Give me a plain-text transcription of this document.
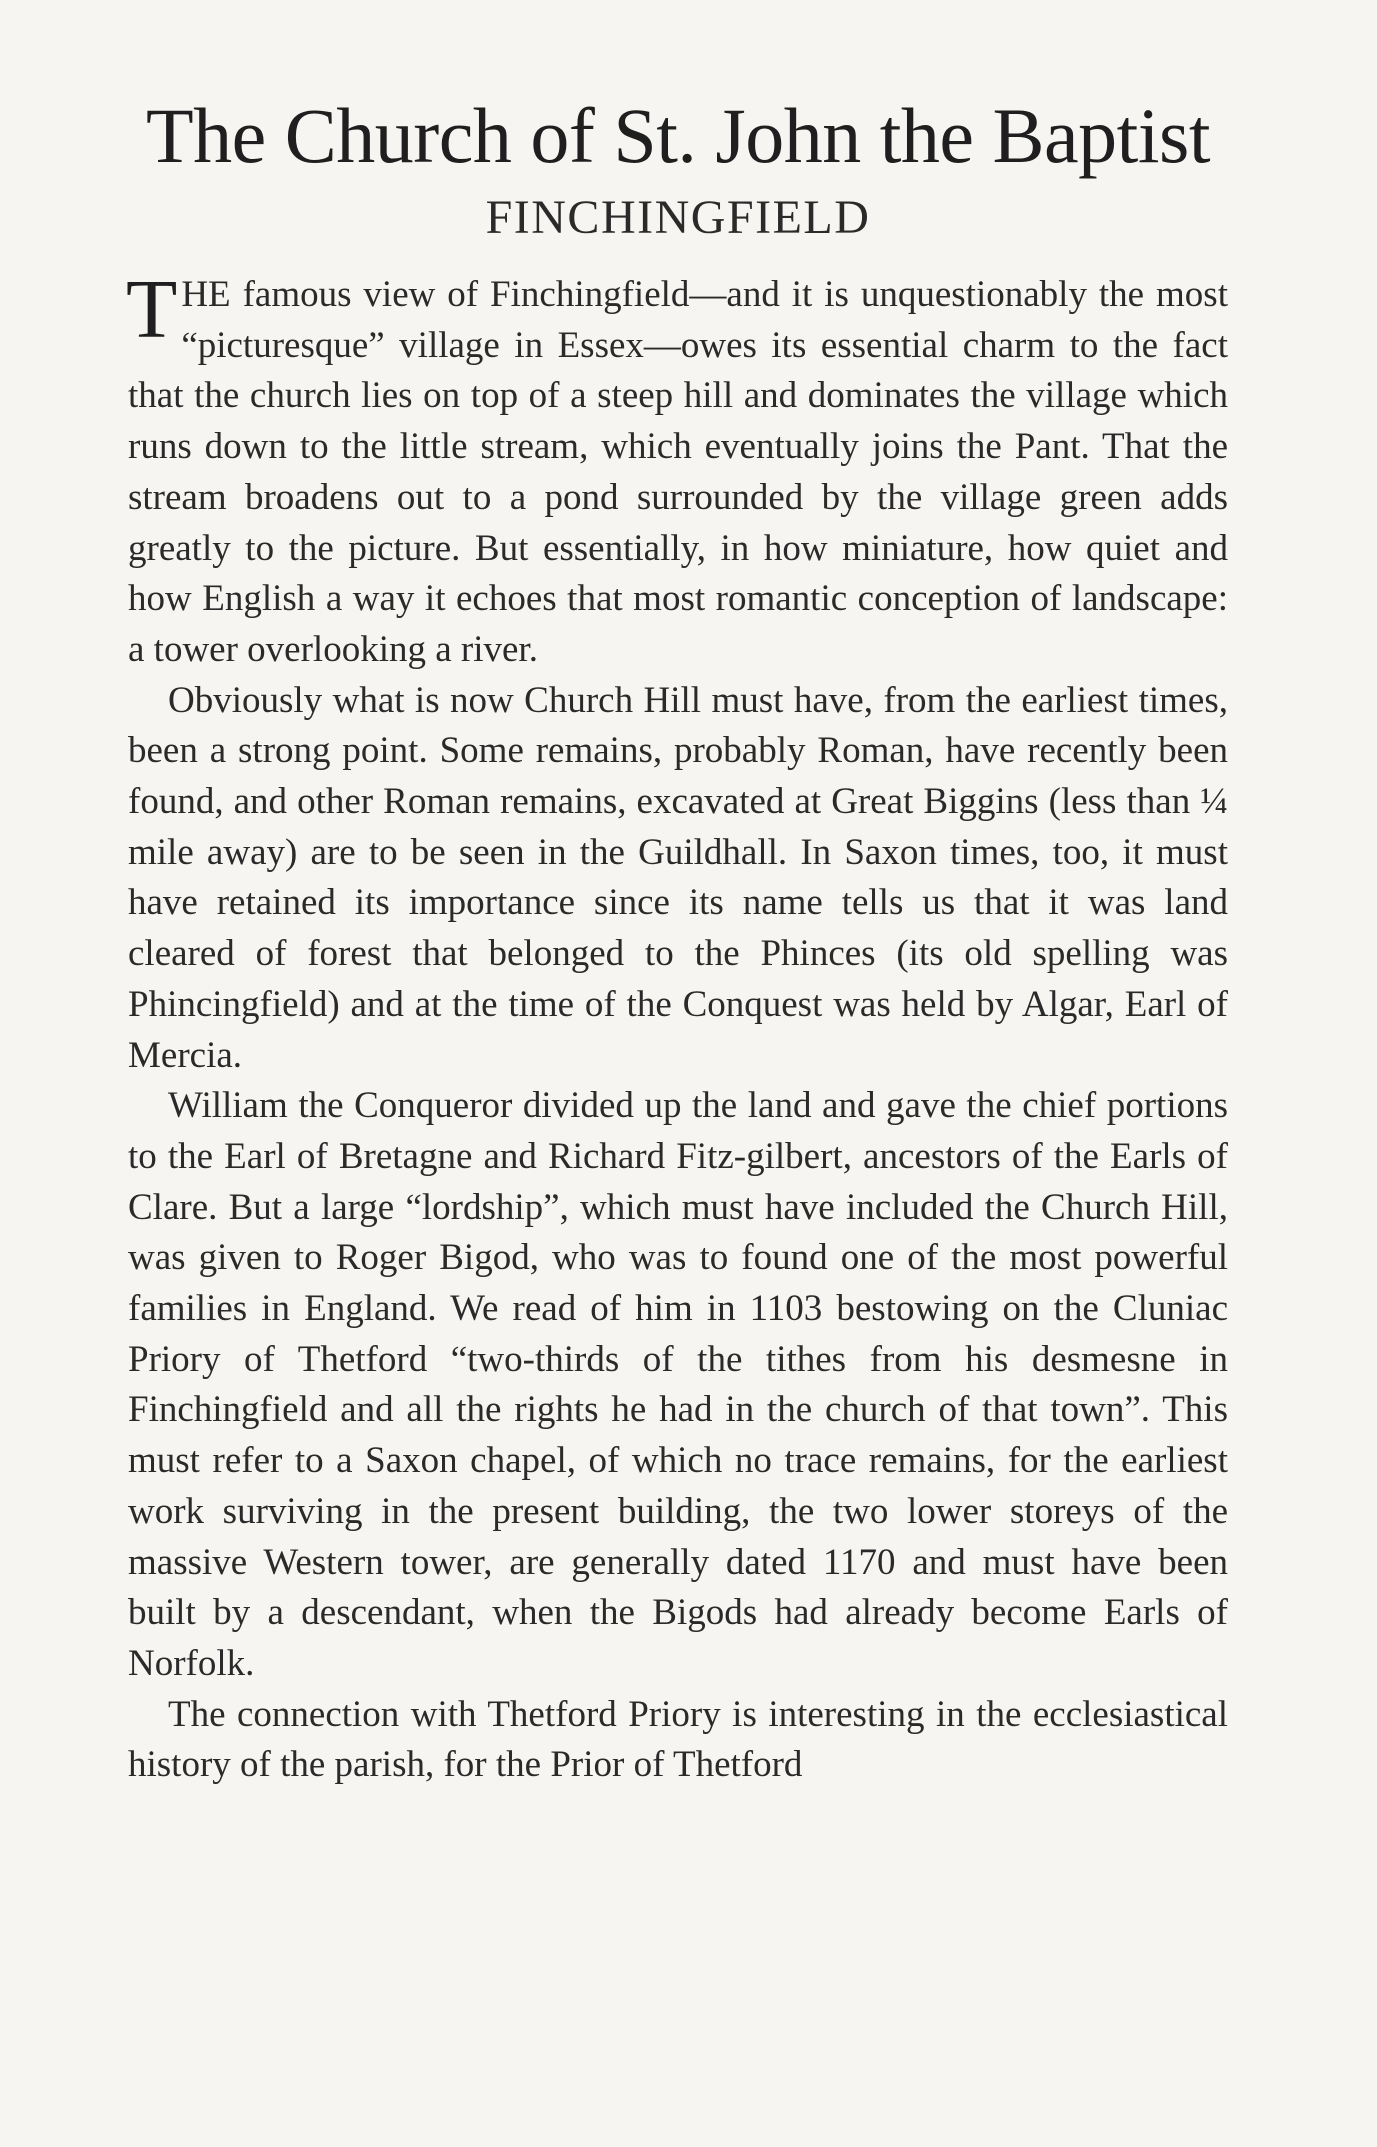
The Church of St. John the Baptist
FINCHINGFIELD

THE famous view of Finchingfield—and it is unquestionably the most “picturesque” village in Essex—owes its essential charm to the fact that the church lies on top of a steep hill and dominates the village which runs down to the little stream, which eventually joins the Pant. That the stream broadens out to a pond surrounded by the village green adds greatly to the picture. But essentially, in how miniature, how quiet and how English a way it echoes that most romantic conception of landscape: a tower overlooking a river.

Obviously what is now Church Hill must have, from the earliest times, been a strong point. Some remains, probably Roman, have recently been found, and other Roman remains, excavated at Great Biggins (less than ¼ mile away) are to be seen in the Guildhall. In Saxon times, too, it must have retained its importance since its name tells us that it was land cleared of forest that belonged to the Phinces (its old spelling was Phincingfield) and at the time of the Conquest was held by Algar, Earl of Mercia.

William the Conqueror divided up the land and gave the chief portions to the Earl of Bretagne and Richard Fitz-gilbert, ancestors of the Earls of Clare. But a large “lordship”, which must have included the Church Hill, was given to Roger Bigod, who was to found one of the most powerful families in England. We read of him in 1103 bestowing on the Cluniac Priory of Thetford “two-thirds of the tithes from his desmesne in Finchingfield and all the rights he had in the church of that town”. This must refer to a Saxon chapel, of which no trace remains, for the earliest work surviving in the present building, the two lower storeys of the massive Western tower, are generally dated 1170 and must have been built by a descendant, when the Bigods had already become Earls of Norfolk.

The connection with Thetford Priory is interesting in the ecclesiastical history of the parish, for the Prior of Thetford
